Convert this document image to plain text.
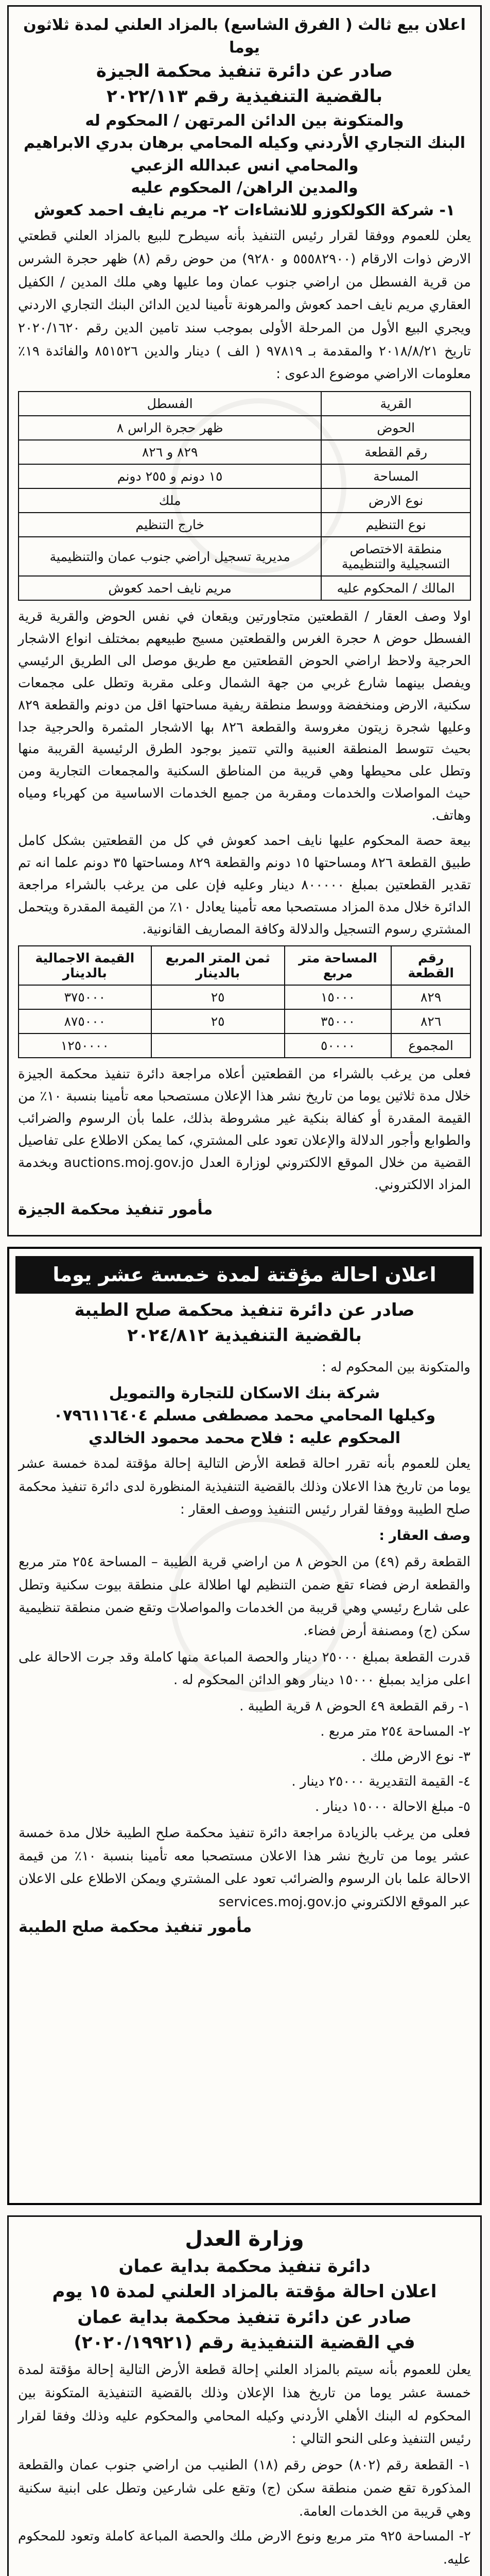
اعلان بيع ثالث ( الفرق الشاسع) بالمزاد العلني لمدة ثلاثون يوما
صادر عن دائرة تنفيذ محكمة الجيزة
بالقضية التنفيذية رقم ٢٠٢٢/١١٣
والمتكونة بين الدائن المرتهن / المحكوم له
البنك التجاري الأردني وكيله المحامي برهان بدري الابراهيم
والمحامي انس عبدالله الزعبي
والمدين الراهن/ المحكوم عليه
١- شركة الكولكوزو للانشاءات ٢- مريم نايف احمد كعوش

يعلن للعموم ووفقا لقرار رئيس التنفيذ بأنه سيطرح للبيع بالمزاد العلني قطعتي الارض ذوات الارقام (٥٥٥٨٢٩٠٠ و ٩٢٨٠) من حوض رقم (٨) ظهر حجرة الشرس من قرية الفسطل من اراضي جنوب عمان وما عليها وهي ملك المدين / الكفيل العقاري مريم نايف احمد كعوش والمرهونة تأمينا لدين الدائن البنك التجاري الاردني ويجري البيع الأول من المرحلة الأولى بموجب سند تامين الدين رقم ٢٠٢٠/١٦٢٠ تاريخ ٢٠١٨/٨/٢١ والمقدمة بـ ٩٧٨١٩ ( الف ) دينار والدين ٨٥١٥٢٦ والفائدة ١٩٪ معلومات الاراضي موضوع الدعوى :

القرية	الفسطل
الحوض	ظهر حجرة الراس ٨
رقم القطعة	٨٢٩ و ٨٢٦
المساحة	١٥ دونم و ٢٥٥ دونم
نوع الارض	ملك
نوع التنظيم	خارج التنظيم
منطقة الاختصاص التسجيلية والتنظيمية	مديرية تسجيل اراضي جنوب عمان والتنظيمية
المالك / المحكوم عليه	مريم نايف احمد كعوش

اولا وصف العقار / القطعتين متجاورتين ويقعان في نفس الحوض والقرية قرية الفسطل حوض ٨ حجرة الغرس والقطعتين مسيج طبيعهم بمختلف انواع الاشجار الحرجية ولاحظ اراضي الحوض القطعتين مع طريق موصل الى الطريق الرئيسي ويفصل بينهما شارع غربي من جهة الشمال وعلى مقربة وتطل على مجمعات سكنية، الارض ومنخفضة ووسط منطقة ريفية مساحتها اقل من دونم والقطعة ٨٢٩ وعليها شجرة زيتون مغروسة والقطعة ٨٢٦ بها الاشجار المثمرة والحرجية جدا بحيث تتوسط المنطقة العنبية والتي تتميز بوجود الطرق الرئيسية القريبة منها وتطل على محيطها وهي قريبة من المناطق السكنية والمجمعات التجارية ومن حيث المواصلات والخدمات ومقربة من جميع الخدمات الاساسية من كهرباء ومياه وهاتف.

بيعة حصة المحكوم عليها نايف احمد كعوش في كل من القطعتين بشكل كامل طبيق القطعة ٨٢٦ ومساحتها ١٥ دونم والقطعة ٨٢٩ ومساحتها ٣٥ دونم علما انه تم تقدير القطعتين بمبلغ ٨٠٠٠٠٠ دينار وعليه فإن على من يرغب بالشراء مراجعة الدائرة خلال مدة المزاد مستصحبا معه تأمينا يعادل ١٠٪ من القيمة المقدرة ويتحمل المشتري رسوم التسجيل والدلالة وكافة المصاريف القانونية.

رقم القطعة	المساحة متر مربع	ثمن المتر المربع بالدينار	القيمة الاجمالية بالدينار
٨٢٩	١٥٠٠٠	٢٥	٣٧٥٠٠٠
٨٢٦	٣٥٠٠٠	٢٥	٨٧٥٠٠٠
المجموع	٥٠٠٠٠		١٢٥٠٠٠٠

فعلى من يرغب بالشراء من القطعتين أعلاه مراجعة دائرة تنفيذ محكمة الجيزة خلال مدة ثلاثين يوما من تاريخ نشر هذا الإعلان مستصحبا معه تأمينا بنسبة ١٠٪ من القيمة المقدرة أو كفالة بنكية غير مشروطة بذلك، علما بأن الرسوم والضرائب والطوابع وأجور الدلالة والإعلان تعود على المشتري، كما يمكن الاطلاع على تفاصيل القضية من خلال الموقع الالكتروني لوزارة العدل auctions.moj.gov.jo وبخدمة المزاد الالكتروني.

مأمور تنفيذ محكمة الجيزة
اعلان احالة مؤقتة لمدة خمسة عشر يوما
صادر عن دائرة تنفيذ محكمة صلح الطيبة
بالقضية التنفيذية ٢٠٢٤/٨١٢

والمتكونة بين المحكوم له :

شركة بنك الاسكان للتجارة والتمويل
وكيلها المحامي محمد مصطفى مسلم ٠٧٩٦١١٦٤٠٤
المحكوم عليه : فلاح محمد محمود الخالدي

يعلن للعموم بأنه تقرر احالة قطعة الأرض التالية إحالة مؤقتة لمدة خمسة عشر يوما من تاريخ هذا الاعلان وذلك بالقضية التنفيذية المنظورة لدى دائرة تنفيذ محكمة صلح الطيبة ووفقا لقرار رئيس التنفيذ ووصف العقار :

وصف العقار :

القطعة رقم (٤٩) من الحوض ٨ من اراضي قرية الطيبة – المساحة ٢٥٤ متر مربع والقطعة ارض فضاء تقع ضمن التنظيم لها اطلالة على منطقة بيوت سكنية وتطل على شارع رئيسي وهي قريبة من الخدمات والمواصلات وتقع ضمن منطقة تنظيمية سكن (ج) ومصنفة أرض فضاء.

قدرت القطعة بمبلغ ٢٥٠٠٠ دينار والحصة المباعة منها كاملة وقد جرت الاحالة على اعلى مزايد بمبلغ ١٥٠٠٠ دينار وهو الدائن المحكوم له .

١- رقم القطعة ٤٩ الحوض ٨ قرية الطيبة .

٢- المساحة ٢٥٤ متر مربع .

٣- نوع الارض ملك .

٤- القيمة التقديرية ٢٥٠٠٠ دينار .

٥- مبلغ الاحالة ١٥٠٠٠ دينار .

فعلى من يرغب بالزيادة مراجعة دائرة تنفيذ محكمة صلح الطيبة خلال مدة خمسة عشر يوما من تاريخ نشر هذا الاعلان مستصحبا معه تأمينا بنسبة ١٠٪ من قيمة الاحالة علما بان الرسوم والضرائب تعود على المشتري ويمكن الاطلاع على الاعلان عبر الموقع الالكتروني services.moj.gov.jo

مأمور تنفيذ محكمة صلح الطيبة
وزارة العدل
دائرة تنفيذ محكمة بداية عمان
اعلان احالة مؤقتة بالمزاد العلني لمدة ١٥ يوم
صادر عن دائرة تنفيذ محكمة بداية عمان
في القضية التنفيذية رقم (٢٠٢٠/١٩٩٢١)

يعلن للعموم بأنه سيتم بالمزاد العلني إحالة قطعة الأرض التالية إحالة مؤقتة لمدة خمسة عشر يوما من تاريخ هذا الإعلان وذلك بالقضية التنفيذية المتكونة بين المحكوم له البنك الأهلي الأردني وكيله المحامي والمحكوم عليه وذلك وفقا لقرار رئيس التنفيذ وعلى النحو التالي :

١- القطعة رقم (٨٠٢) حوض رقم (١٨) الطنيب من اراضي جنوب عمان والقطعة المذكورة تقع ضمن منطقة سكن (ج) وتقع على شارعين وتطل على ابنية سكنية وهي قريبة من الخدمات العامة.

٢- المساحة ٩٢٥ متر مربع ونوع الارض ملك والحصة المباعة كاملة وتعود للمحكوم عليه.
